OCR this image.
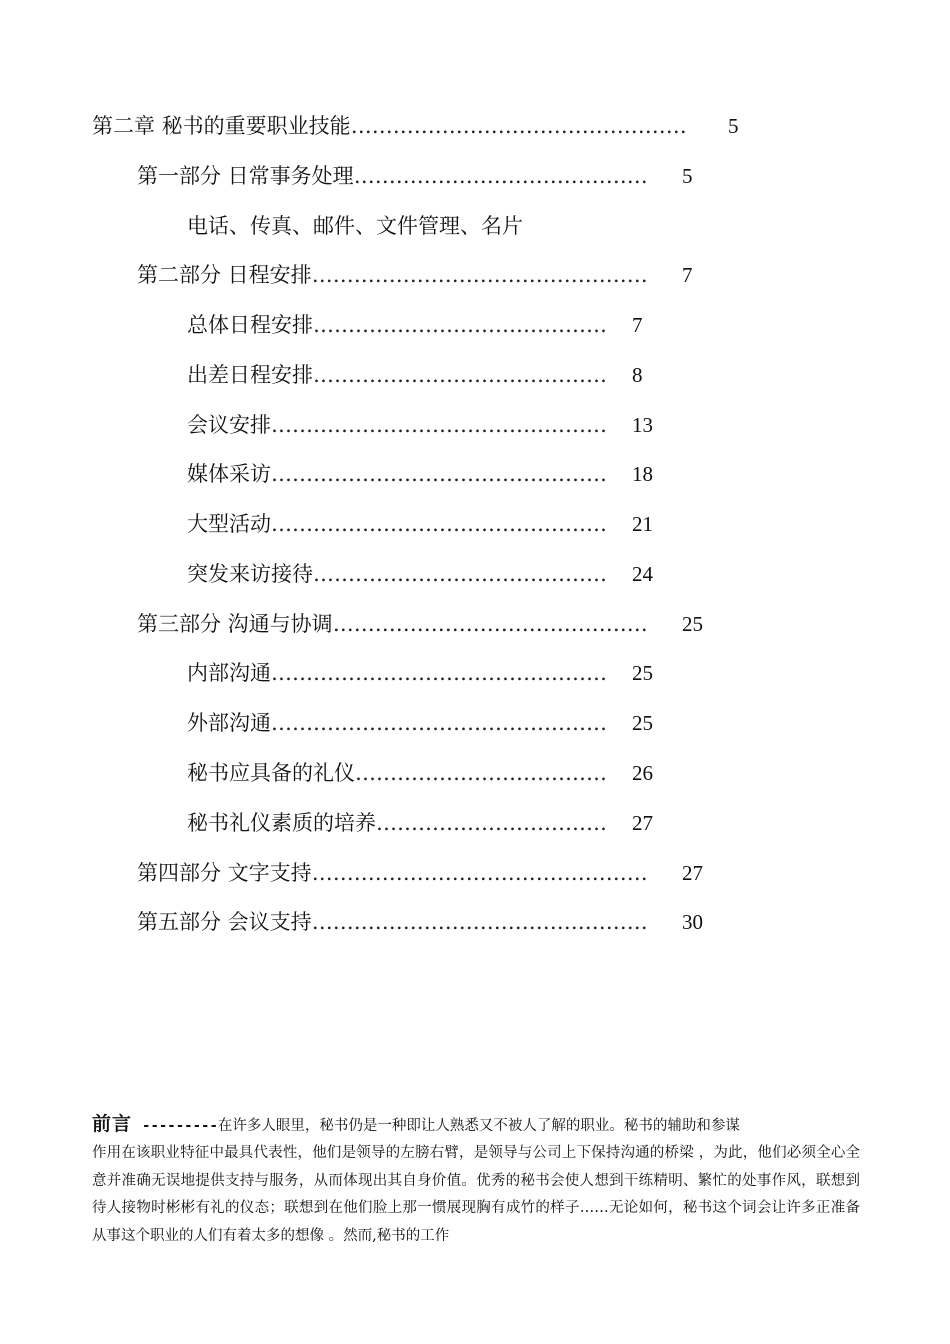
第二章 秘书的重要职业技能………………………………………… 5
第一部分 日常事务处理…………………………………… 5
电话、传真、邮件、文件管理、名片
第二部分 日程安排………………………………………… 7
总体日程安排…………………………………… 7
出差日程安排…………………………………… 8
会议安排………………………………………… 13
媒体采访………………………………………… 18
大型活动………………………………………… 21
突发来访接待…………………………………… 24
第三部分 沟通与协调……………………………………… 25
内部沟通………………………………………… 25
外部沟通………………………………………… 25
秘书应具备的礼仪……………………………… 26
秘书礼仪素质的培养…………………………… 27
第四部分 文字支持………………………………………… 27
第五部分 会议支持………………………………………… 30
前言 ---------在许多人眼里，秘书仍是一种即让人熟悉又不被人了解的职业。秘书的辅助和参谋
作用在该职业特征中最具代表性，他们是领导的左膀右臂，是领导与公司上下保持沟通的桥梁 ，为此，他们必须全心全意并准确无误地提供支持与服务，从而体现出其自身价值。优秀的秘书会使人想到干练精明、繁忙的处事作风，联想到待人接物时彬彬有礼的仪态；联想到在他们脸上那一惯展现胸有成竹的样子……无论如何，秘书这个词会让许多正准备从事这个职业的人们有着太多的想像 。然而,秘书的工作
